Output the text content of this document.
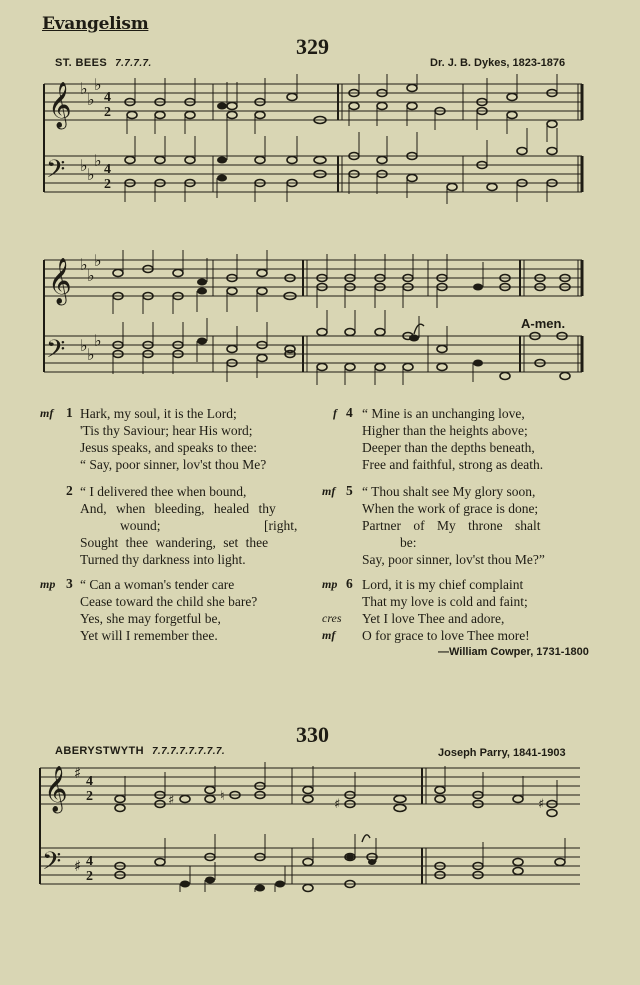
Evangelism
329
ST. BEES 7.7.7.7.	Dr. J. B. Dykes, 1823-1876
𝄞
𝄢
♭
♭
♭
♭ ♭
♭
4
2
4
2
𝄞
𝄢
♭
♭
♭
♭ ♭
♭
A-men.
mf 1 Hark, my soul, it is the Lord;
'Tis thy Saviour; hear His word;
Jesus speaks, and speaks to thee:
“ Say, poor sinner, lov'st thou Me?
2 “ I delivered thee when bound,
And, when bleeding, healed thy
wound;	[right,
Sought thee wandering, set thee
Turned thy darkness into light.
mp 3 “ Can a woman's tender care
Cease toward the child she bare?
Yes, she may forgetful be,
Yet will I remember thee.
f 4 “ Mine is an unchanging love,
Higher than the heights above;
Deeper than the depths beneath,
Free and faithful, strong as death.
mf 5 “ Thou shalt see My glory soon,
When the work of grace is done;
Partner of My throne shalt
be:
Say, poor sinner, lov'st thou Me?”
mp 6
cres
mf
Lord, it is my chief complaint
That my love is cold and faint;
Yet I love Thee and adore,
O for grace to love Thee more!
—William Cowper, 1731-1800
330
ABERYSTWYTH 7.7.7.7.7.7.7.7.	Joseph Parry, 1841-1903
𝄞
𝄢
♯
♯
4
2
4
2
♯	♮
♯	♯
